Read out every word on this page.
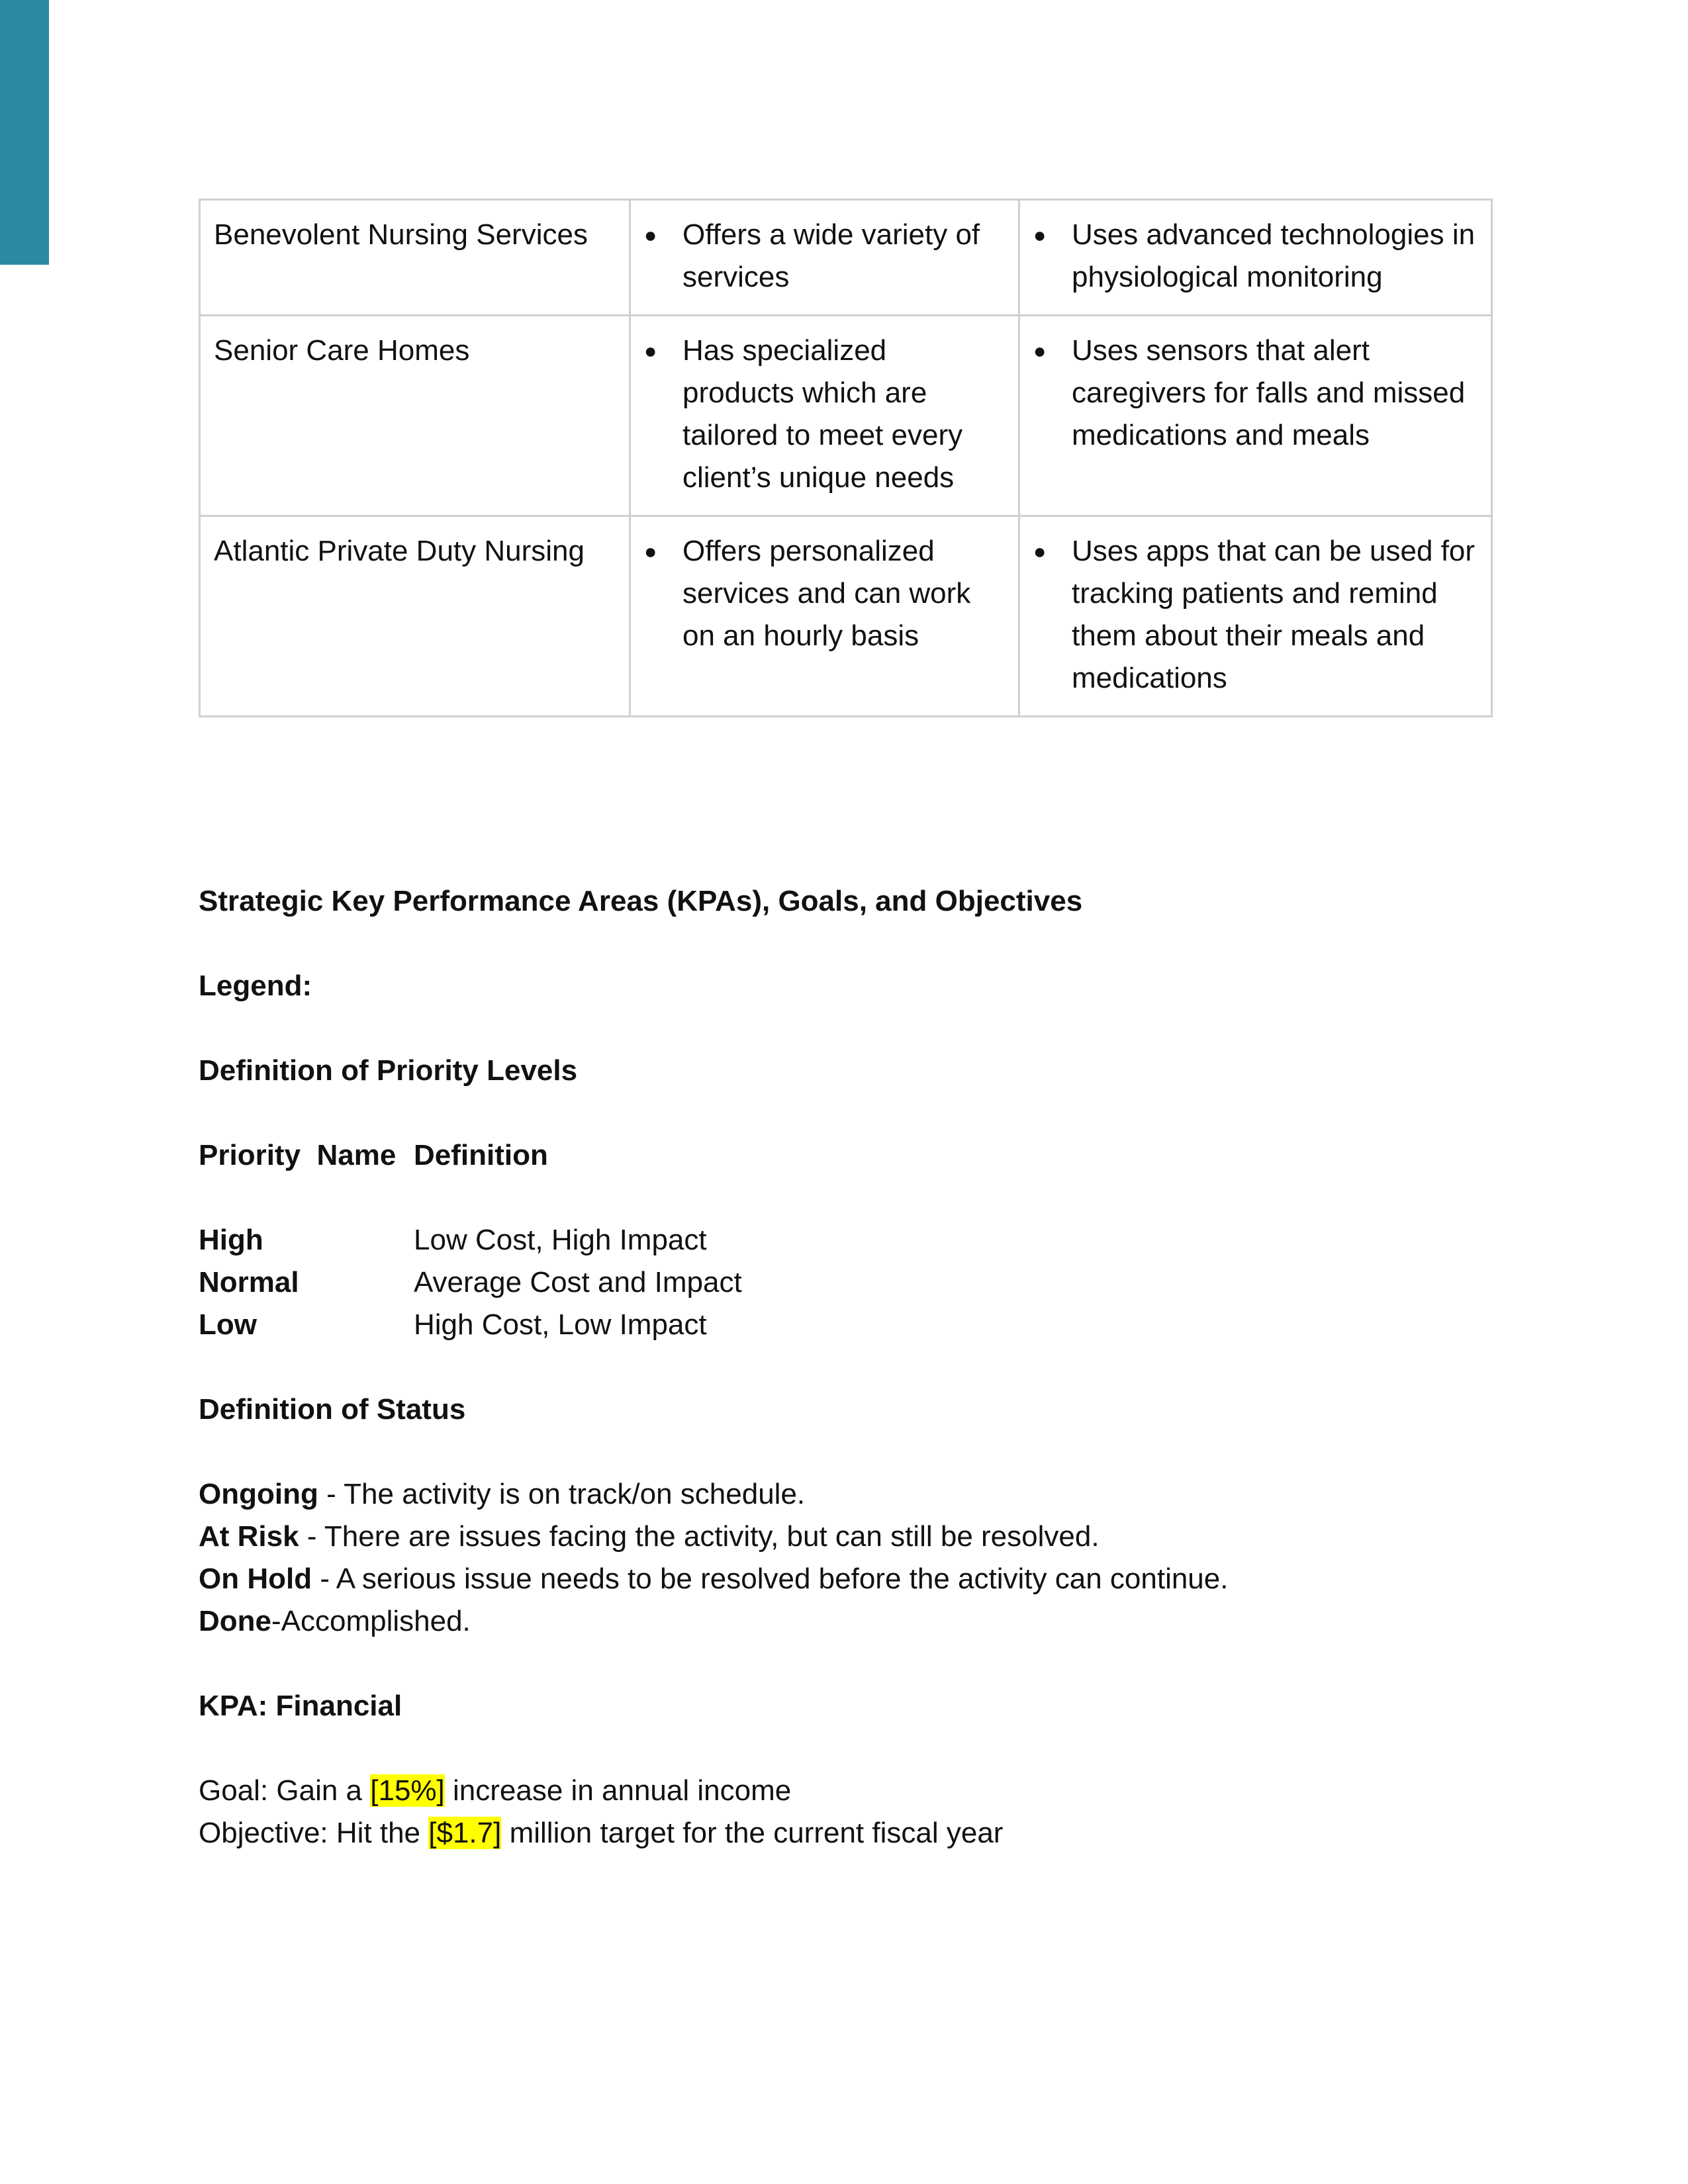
Benevolent Nursing Services	● Offers a wide variety of services	● Uses advanced technologies in physiological monitoring

Senior Care Homes	● Has specialized products which are tailored to meet every client’s unique needs	● Uses sensors that alert caregivers for falls and missed medications and meals

Atlantic Private Duty Nursing	● Offers personalized services and can work on an hourly basis	● Uses apps that can be used for tracking patients and remind them about their meals and medications

Strategic Key Performance Areas (KPAs), Goals, and Objectives

Legend:

Definition of Priority Levels

Priority  Name Definition
High	Low Cost, High Impact
Normal	Average Cost and Impact
Low	High Cost, Low Impact

Definition of Status

Ongoing - The activity is on track/on schedule.
At Risk - There are issues facing the activity, but can still be resolved.
On Hold - A serious issue needs to be resolved before the activity can continue.
Done-Accomplished.

KPA: Financial

Goal: Gain a [15%] increase in annual income
Objective: Hit the [$1.7] million target for the current fiscal year
